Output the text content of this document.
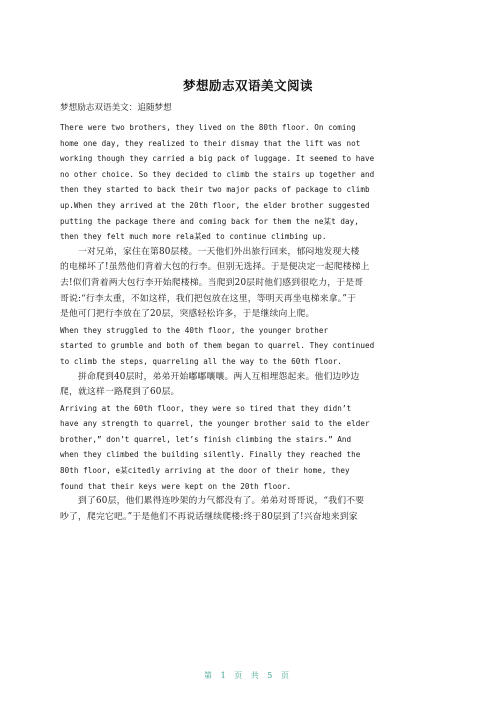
梦想励志双语美文阅读
梦想励志双语美文：追随梦想
There were two brothers, they lived on the 80th floor. On coming
home one day, they realized to their dismay that the lift was not
working though they carried a big pack of luggage. It seemed to have
no other choice. So they decided to climb the stairs up together and
then they started to back their two major packs of package to climb
up.When they arrived at the 20th floor, the elder brother suggested
putting the package there and coming back for them the ne某t day,
then they felt much more rela某ed to continue climbing up.
　　一对兄弟，家住在第80层楼。一天他们外出旅行回来，郁闷地发现大楼
的电梯坏了!虽然他们背着大包的行李。但别无选择。于是便决定一起爬楼梯上
去!似们背着两大包行李开始爬楼梯。当爬到20层时他们感到很吃力，于是哥
哥说:“行李太重，不如这样，我们把包放在这里，等明天再坐电梯来拿。”于
是他可门把行李放在了20层，突感轻松许多，于是继续向上爬。
When they struggled to the 40th floor, the younger brother
started to grumble and both of them began to quarrel. They continued
to climb the steps, quarreling all the way to the 60th floor.
　　拼命爬到40层时，弟弟开始嘟嘟嚷嚷。两人互相埋怨起来。他们边吵边
爬，就这样一路爬到了60层。
Arriving at the 60th floor, they were so tired that they didn’t
have any strength to quarrel, the younger brother said to the elder
brother,” don’t quarrel, let’s finish climbing the stairs.” And
when they climbed the building silently. Finally they reached the
80th floor, e某citedly arriving at the door of their home, they
found that their keys were kept on the 20th floor.
　　到了60层，他们累得连吵架的力气都没有了。弟弟对哥哥说，“我们不要
吵了，爬完它吧。”于是他们不再说话继续爬楼:终于80层到了!兴奋地来到家
第 1 页 共 5 页
